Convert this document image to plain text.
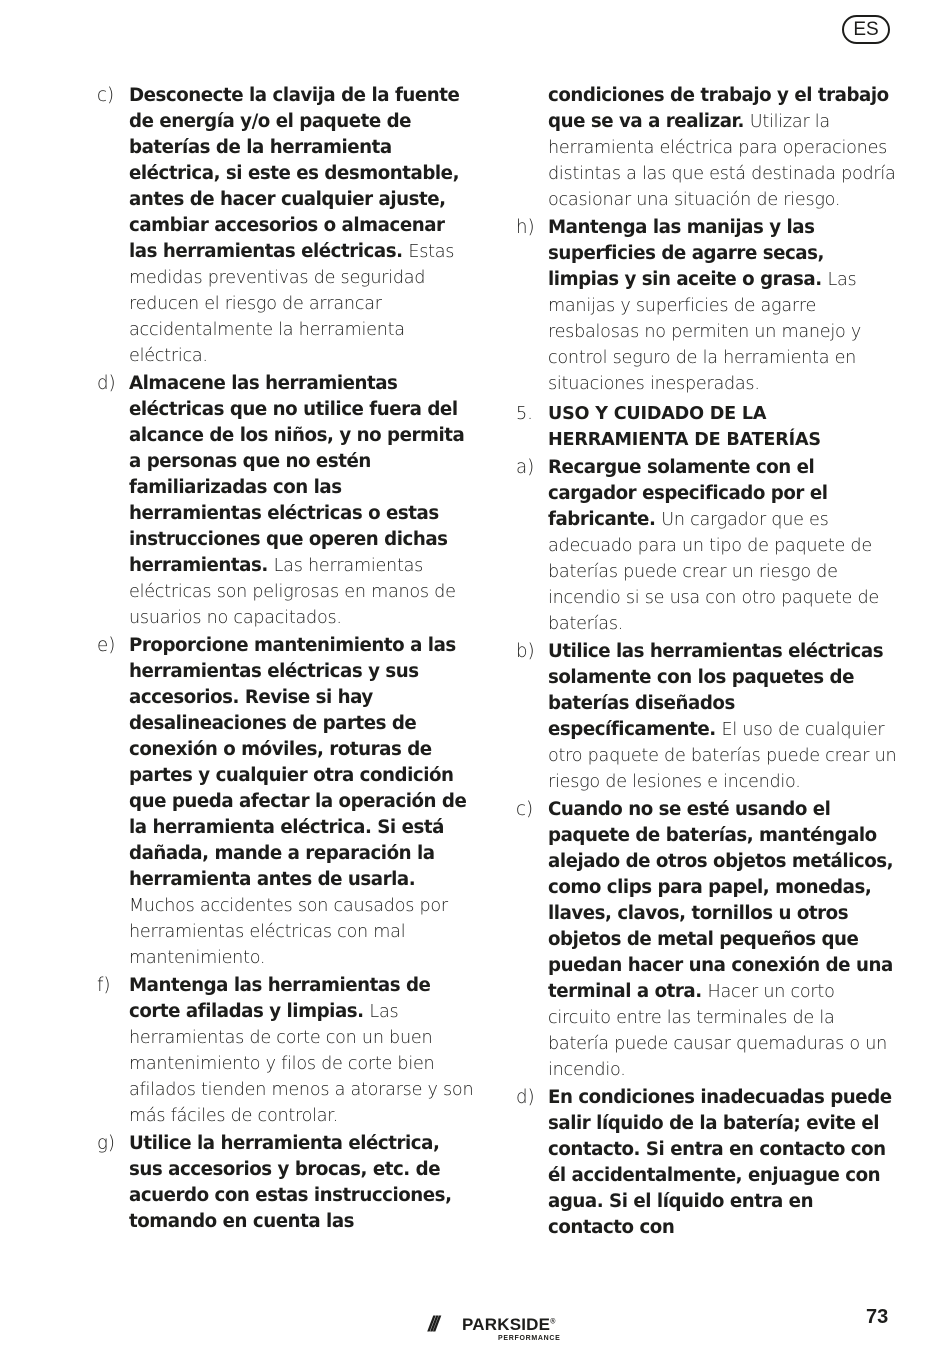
ES

c) Desconecte la clavija de la fuente de energía y/o el paquete de baterías de la herramienta eléctrica, si este es desmontable, antes de hacer cualquier ajuste, cambiar accesorios o almacenar las herramientas eléctricas. Estas medidas preventivas de seguridad reducen el riesgo de arrancar accidentalmente la herramienta eléctrica.

d) Almacene las herramientas eléctricas que no utilice fuera del alcance de los niños, y no permita a personas que no estén familiarizadas con las herramientas eléctricas o estas instrucciones que operen dichas herramientas. Las herramientas eléctricas son peligrosas en manos de usuarios no capacitados.

e) Proporcione mantenimiento a las herramientas eléctricas y sus accesorios. Revise si hay desalineaciones de partes de conexión o móviles, roturas de partes y cualquier otra condición que pueda afectar la operación de la herramienta eléctrica. Si está dañada, mande a reparación la herramienta antes de usarla. Muchos accidentes son causados por herramientas eléctricas con mal mantenimiento.

f) Mantenga las herramientas de corte afiladas y limpias. Las herramientas de corte con un buen mantenimiento y filos de corte bien afilados tienden menos a atorarse y son más fáciles de controlar.

g) Utilice la herramienta eléctrica, sus accesorios y brocas, etc. de acuerdo con estas instrucciones, tomando en cuenta las

condiciones de trabajo y el trabajo que se va a realizar. Utilizar la herramienta eléctrica para operaciones distintas a las que está destinada podría ocasionar una situación de riesgo.

h) Mantenga las manijas y las superficies de agarre secas, limpias y sin aceite o grasa. Las manijas y superficies de agarre resbalosas no permiten un manejo y control seguro de la herramienta en situaciones inesperadas.

5. USO Y CUIDADO DE LA HERRAMIENTA DE BATERÍAS

a) Recargue solamente con el cargador especificado por el fabricante. Un cargador que es adecuado para un tipo de paquete de baterías puede crear un riesgo de incendio si se usa con otro paquete de baterías.

b) Utilice las herramientas eléctricas solamente con los paquetes de baterías diseñados específicamente. El uso de cualquier otro paquete de baterías puede crear un riesgo de lesiones e incendio.

c) Cuando no se esté usando el paquete de baterías, manténgalo alejado de otros objetos metálicos, como clips para papel, monedas, llaves, clavos, tornillos u otros objetos de metal pequeños que puedan hacer una conexión de una terminal a otra. Hacer un corto circuito entre las terminales de la batería puede causar quemaduras o un incendio.

d) En condiciones inadecuadas puede salir líquido de la batería; evite el contacto. Si entra en contacto con él accidentalmente, enjuague con agua. Si el líquido entra en contacto con

/// PARKSIDE®
PERFORMANCE
73
